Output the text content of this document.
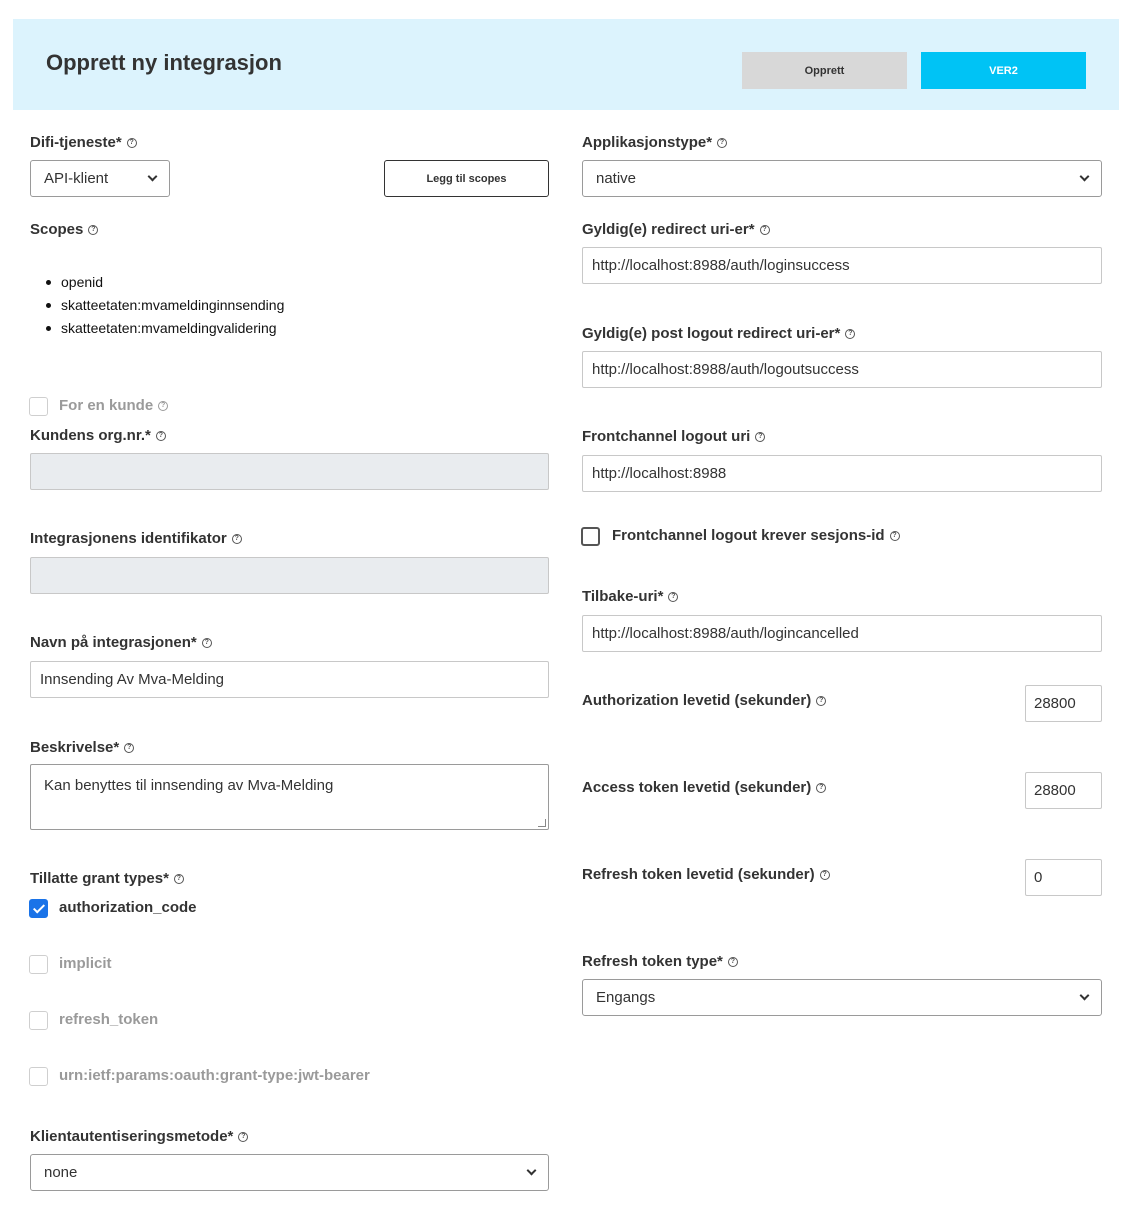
Opprett ny integrasjon	Opprett	VER2
Difi-tjeneste*	?
API-klient	Legg til scopes
Scopes	?
openid
skatteetaten:mvameldinginnsending
skatteetaten:mvameldingvalidering
For en kunde	?
Kundens org.nr.*	?
Integrasjonens identifikator	?
Navn på integrasjonen*	?
Innsending Av Mva-Melding
Beskrivelse*	?
Kan benyttes til innsending av Mva-Melding
Tillatte grant types*	?
authorization_code
implicit
refresh_token
urn:ietf:params:oauth:grant-type:jwt-bearer
Klientautentiseringsmetode*	?
none
Applikasjonstype*	?
native
Gyldig(e) redirect uri-er*	?
http://localhost:8988/auth/loginsuccess
Gyldig(e) post logout redirect uri-er*	?
http://localhost:8988/auth/logoutsuccess
Frontchannel logout uri	?
http://localhost:8988
Frontchannel logout krever sesjons-id	?
Tilbake-uri*	?
http://localhost:8988/auth/logincancelled
Authorization levetid (sekunder)	?	28800
Access token levetid (sekunder)	?	28800
Refresh token levetid (sekunder)	?	0
Refresh token type*	?
Engangs
